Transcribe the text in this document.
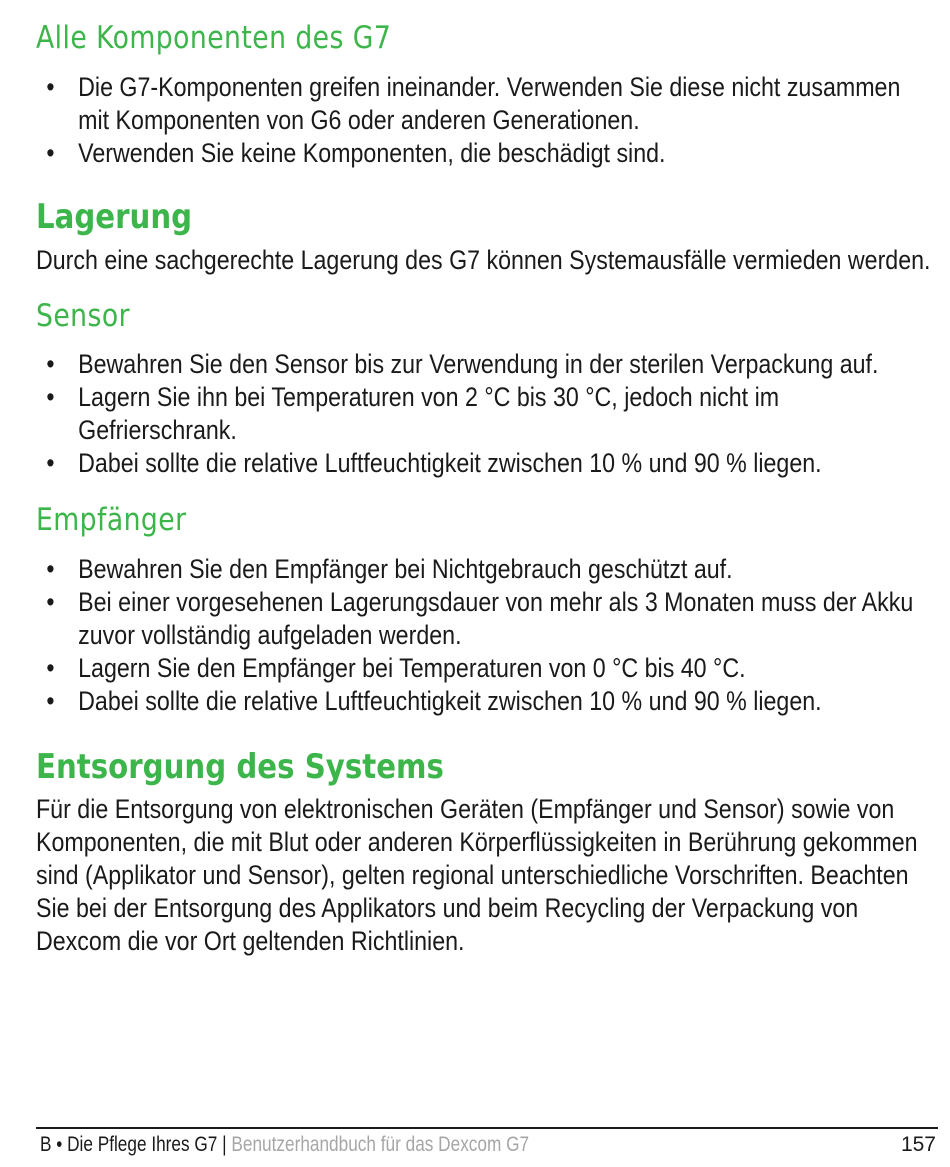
Alle Komponenten des G7
• Die G7-Komponenten greifen ineinander. Verwenden Sie diese nicht zusammen mit Komponenten von G6 oder anderen Generationen.
• Verwenden Sie keine Komponenten, die beschädigt sind.
Lagerung

Durch eine sachgerechte Lagerung des G7 können Systemausfälle vermieden werden.

Sensor
• Bewahren Sie den Sensor bis zur Verwendung in der sterilen Verpackung auf.
• Lagern Sie ihn bei Temperaturen von 2 °C bis 30 °C, jedoch nicht im Gefrierschrank.
• Dabei sollte die relative Luftfeuchtigkeit zwischen 10 % und 90 % liegen.
Empfänger
• Bewahren Sie den Empfänger bei Nichtgebrauch geschützt auf.
• Bei einer vorgesehenen Lagerungsdauer von mehr als 3 Monaten muss der Akku zuvor vollständig aufgeladen werden.
• Lagern Sie den Empfänger bei Temperaturen von 0 °C bis 40 °C.
• Dabei sollte die relative Luftfeuchtigkeit zwischen 10 % und 90 % liegen.
Entsorgung des Systems

Für die Entsorgung von elektronischen Geräten (Empfänger und Sensor) sowie von Komponenten, die mit Blut oder anderen Körperflüssigkeiten in Berührung gekommen sind (Applikator und Sensor), gelten regional unterschiedliche Vorschriften. Beachten Sie bei der Entsorgung des Applikators und beim Recycling der Verpackung von Dexcom die vor Ort geltenden Richtlinien.

B • Die Pflege Ihres G7 | Benutzerhandbuch für das Dexcom G7	157
